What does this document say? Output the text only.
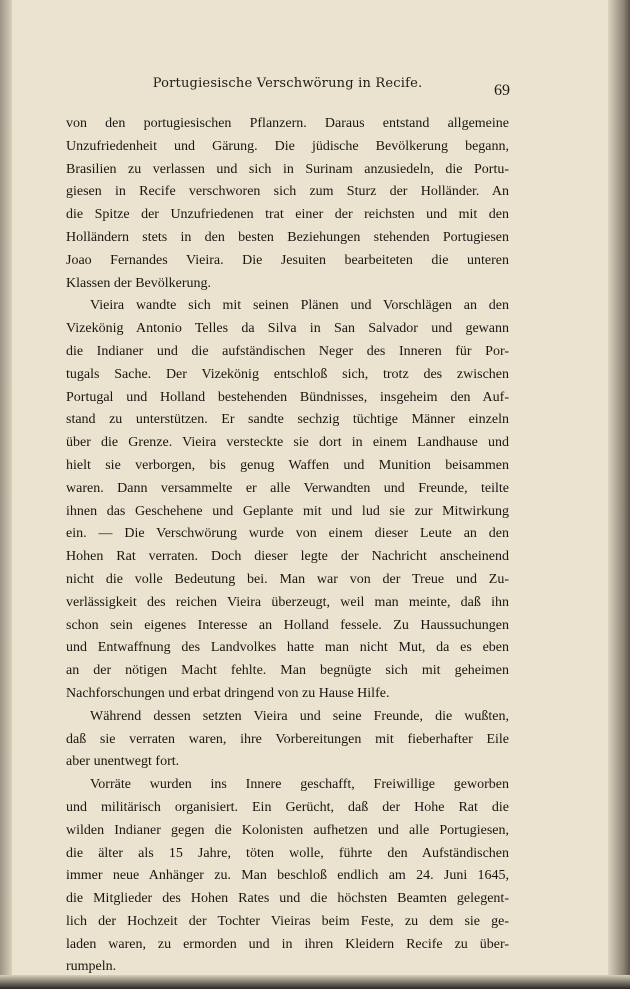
Portugiesische Verschwörung in Recife.	69
von den portugiesischen Pflanzern. Daraus entstand allgemeine
Unzufriedenheit und Gärung. Die jüdische Bevölkerung begann,
Brasilien zu verlassen und sich in Surinam anzusiedeln, die Portu-
giesen in Recife verschworen sich zum Sturz der Holländer. An
die Spitze der Unzufriedenen trat einer der reichsten und mit den
Holländern stets in den besten Beziehungen stehenden Portugiesen
Joao Fernandes Vieira. Die Jesuiten bearbeiteten die unteren
Klassen der Bevölkerung.
Vieira wandte sich mit seinen Plänen und Vorschlägen an den
Vizekönig Antonio Telles da Silva in San Salvador und gewann
die Indianer und die aufständischen Neger des Inneren für Por-
tugals Sache. Der Vizekönig entschloß sich, trotz des zwischen
Portugal und Holland bestehenden Bündnisses, insgeheim den Auf-
stand zu unterstützen. Er sandte sechzig tüchtige Männer einzeln
über die Grenze. Vieira versteckte sie dort in einem Landhause und
hielt sie verborgen, bis genug Waffen und Munition beisammen
waren. Dann versammelte er alle Verwandten und Freunde, teilte
ihnen das Geschehene und Geplante mit und lud sie zur Mitwirkung
ein. — Die Verschwörung wurde von einem dieser Leute an den
Hohen Rat verraten. Doch dieser legte der Nachricht anscheinend
nicht die volle Bedeutung bei. Man war von der Treue und Zu-
verlässigkeit des reichen Vieira überzeugt, weil man meinte, daß ihn
schon sein eigenes Interesse an Holland fessele. Zu Haussuchungen
und Entwaffnung des Landvolkes hatte man nicht Mut, da es eben
an der nötigen Macht fehlte. Man begnügte sich mit geheimen
Nachforschungen und erbat dringend von zu Hause Hilfe.
Während dessen setzten Vieira und seine Freunde, die wußten,
daß sie verraten waren, ihre Vorbereitungen mit fieberhafter Eile
aber unentwegt fort.
Vorräte wurden ins Innere geschafft, Freiwillige geworben
und militärisch organisiert. Ein Gerücht, daß der Hohe Rat die
wilden Indianer gegen die Kolonisten aufhetzen und alle Portugiesen,
die älter als 15 Jahre, töten wolle, führte den Aufständischen
immer neue Anhänger zu. Man beschloß endlich am 24. Juni 1645,
die Mitglieder des Hohen Rates und die höchsten Beamten gelegent-
lich der Hochzeit der Tochter Vieiras beim Feste, zu dem sie ge-
laden waren, zu ermorden und in ihren Kleidern Recife zu über-
rumpeln.
